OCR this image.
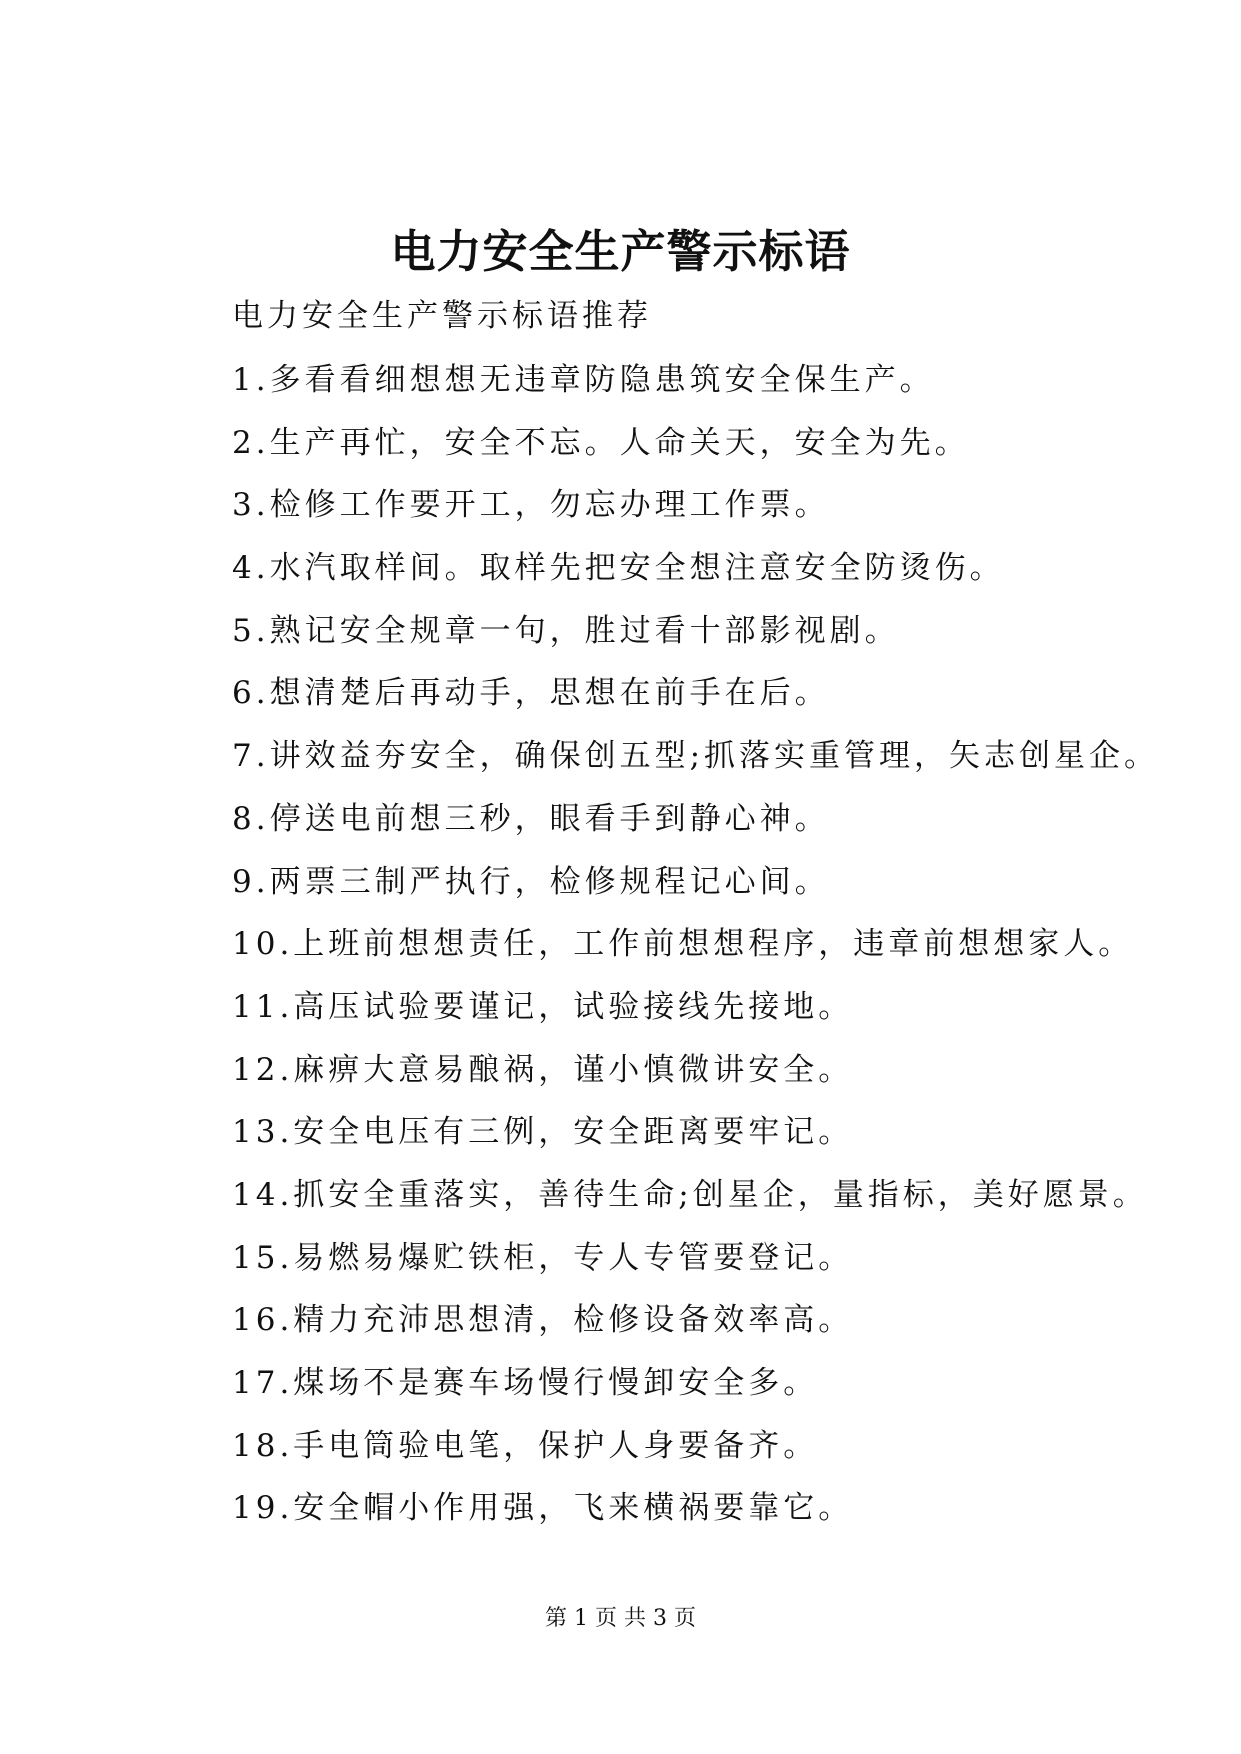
电力安全生产警示标语
电力安全生产警示标语推荐
1.多看看细想想无违章防隐患筑安全保生产。
2.生产再忙，安全不忘。人命关天，安全为先。
3.检修工作要开工，勿忘办理工作票。
4.水汽取样间。取样先把安全想注意安全防烫伤。
5.熟记安全规章一句，胜过看十部影视剧。
6.想清楚后再动手，思想在前手在后。
7.讲效益夯安全，确保创五型;抓落实重管理，矢志创星企。
8.停送电前想三秒，眼看手到静心神。
9.两票三制严执行，检修规程记心间。
10.上班前想想责任，工作前想想程序，违章前想想家人。
11.高压试验要谨记，试验接线先接地。
12.麻痹大意易酿祸，谨小慎微讲安全。
13.安全电压有三例，安全距离要牢记。
14.抓安全重落实，善待生命;创星企，量指标，美好愿景。
15.易燃易爆贮铁柜，专人专管要登记。
16.精力充沛思想清，检修设备效率高。
17.煤场不是赛车场慢行慢卸安全多。
18.手电筒验电笔，保护人身要备齐。
19.安全帽小作用强，飞来横祸要靠它。
第 1 页 共 3 页
